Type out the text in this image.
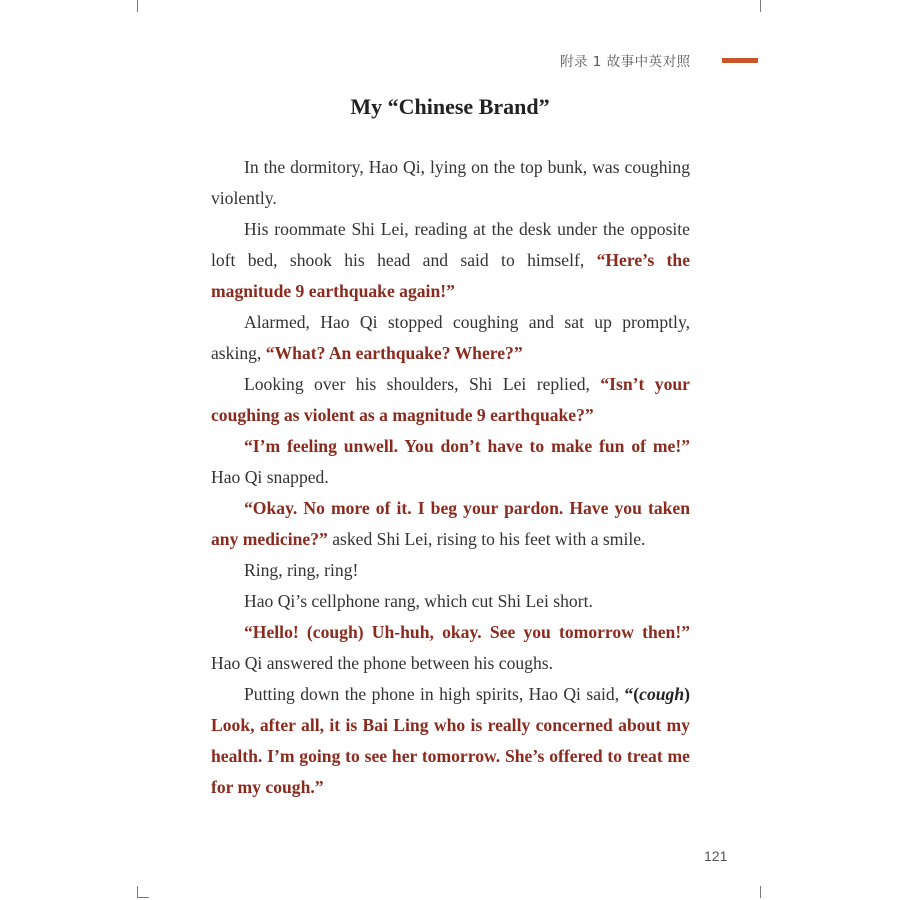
附录 1 故事中英对照
My “Chinese Brand”

In the dormitory, Hao Qi, lying on the top bunk, was coughing violently.

His roommate Shi Lei, reading at the desk under the opposite loft bed, shook his head and said to himself, “Here’s the magnitude 9 earthquake again!”

Alarmed, Hao Qi stopped coughing and sat up promptly, asking, “What? An earthquake? Where?”

Looking over his shoulders, Shi Lei replied, “Isn’t your coughing as violent as a magnitude 9 earthquake?”

“I’m feeling unwell. You don’t have to make fun of me!” Hao Qi snapped.

“Okay. No more of it. I beg your pardon. Have you taken any medicine?” asked Shi Lei, rising to his feet with a smile.

Ring, ring, ring!

Hao Qi’s cellphone rang, which cut Shi Lei short.

“Hello! (cough) Uh-huh, okay. See you tomorrow then!” Hao Qi answered the phone between his coughs.

Putting down the phone in high spirits, Hao Qi said, “(cough) Look, after all, it is Bai Ling who is really concerned about my health. I’m going to see her tomorrow. She’s offered to treat me for my cough.”

121
